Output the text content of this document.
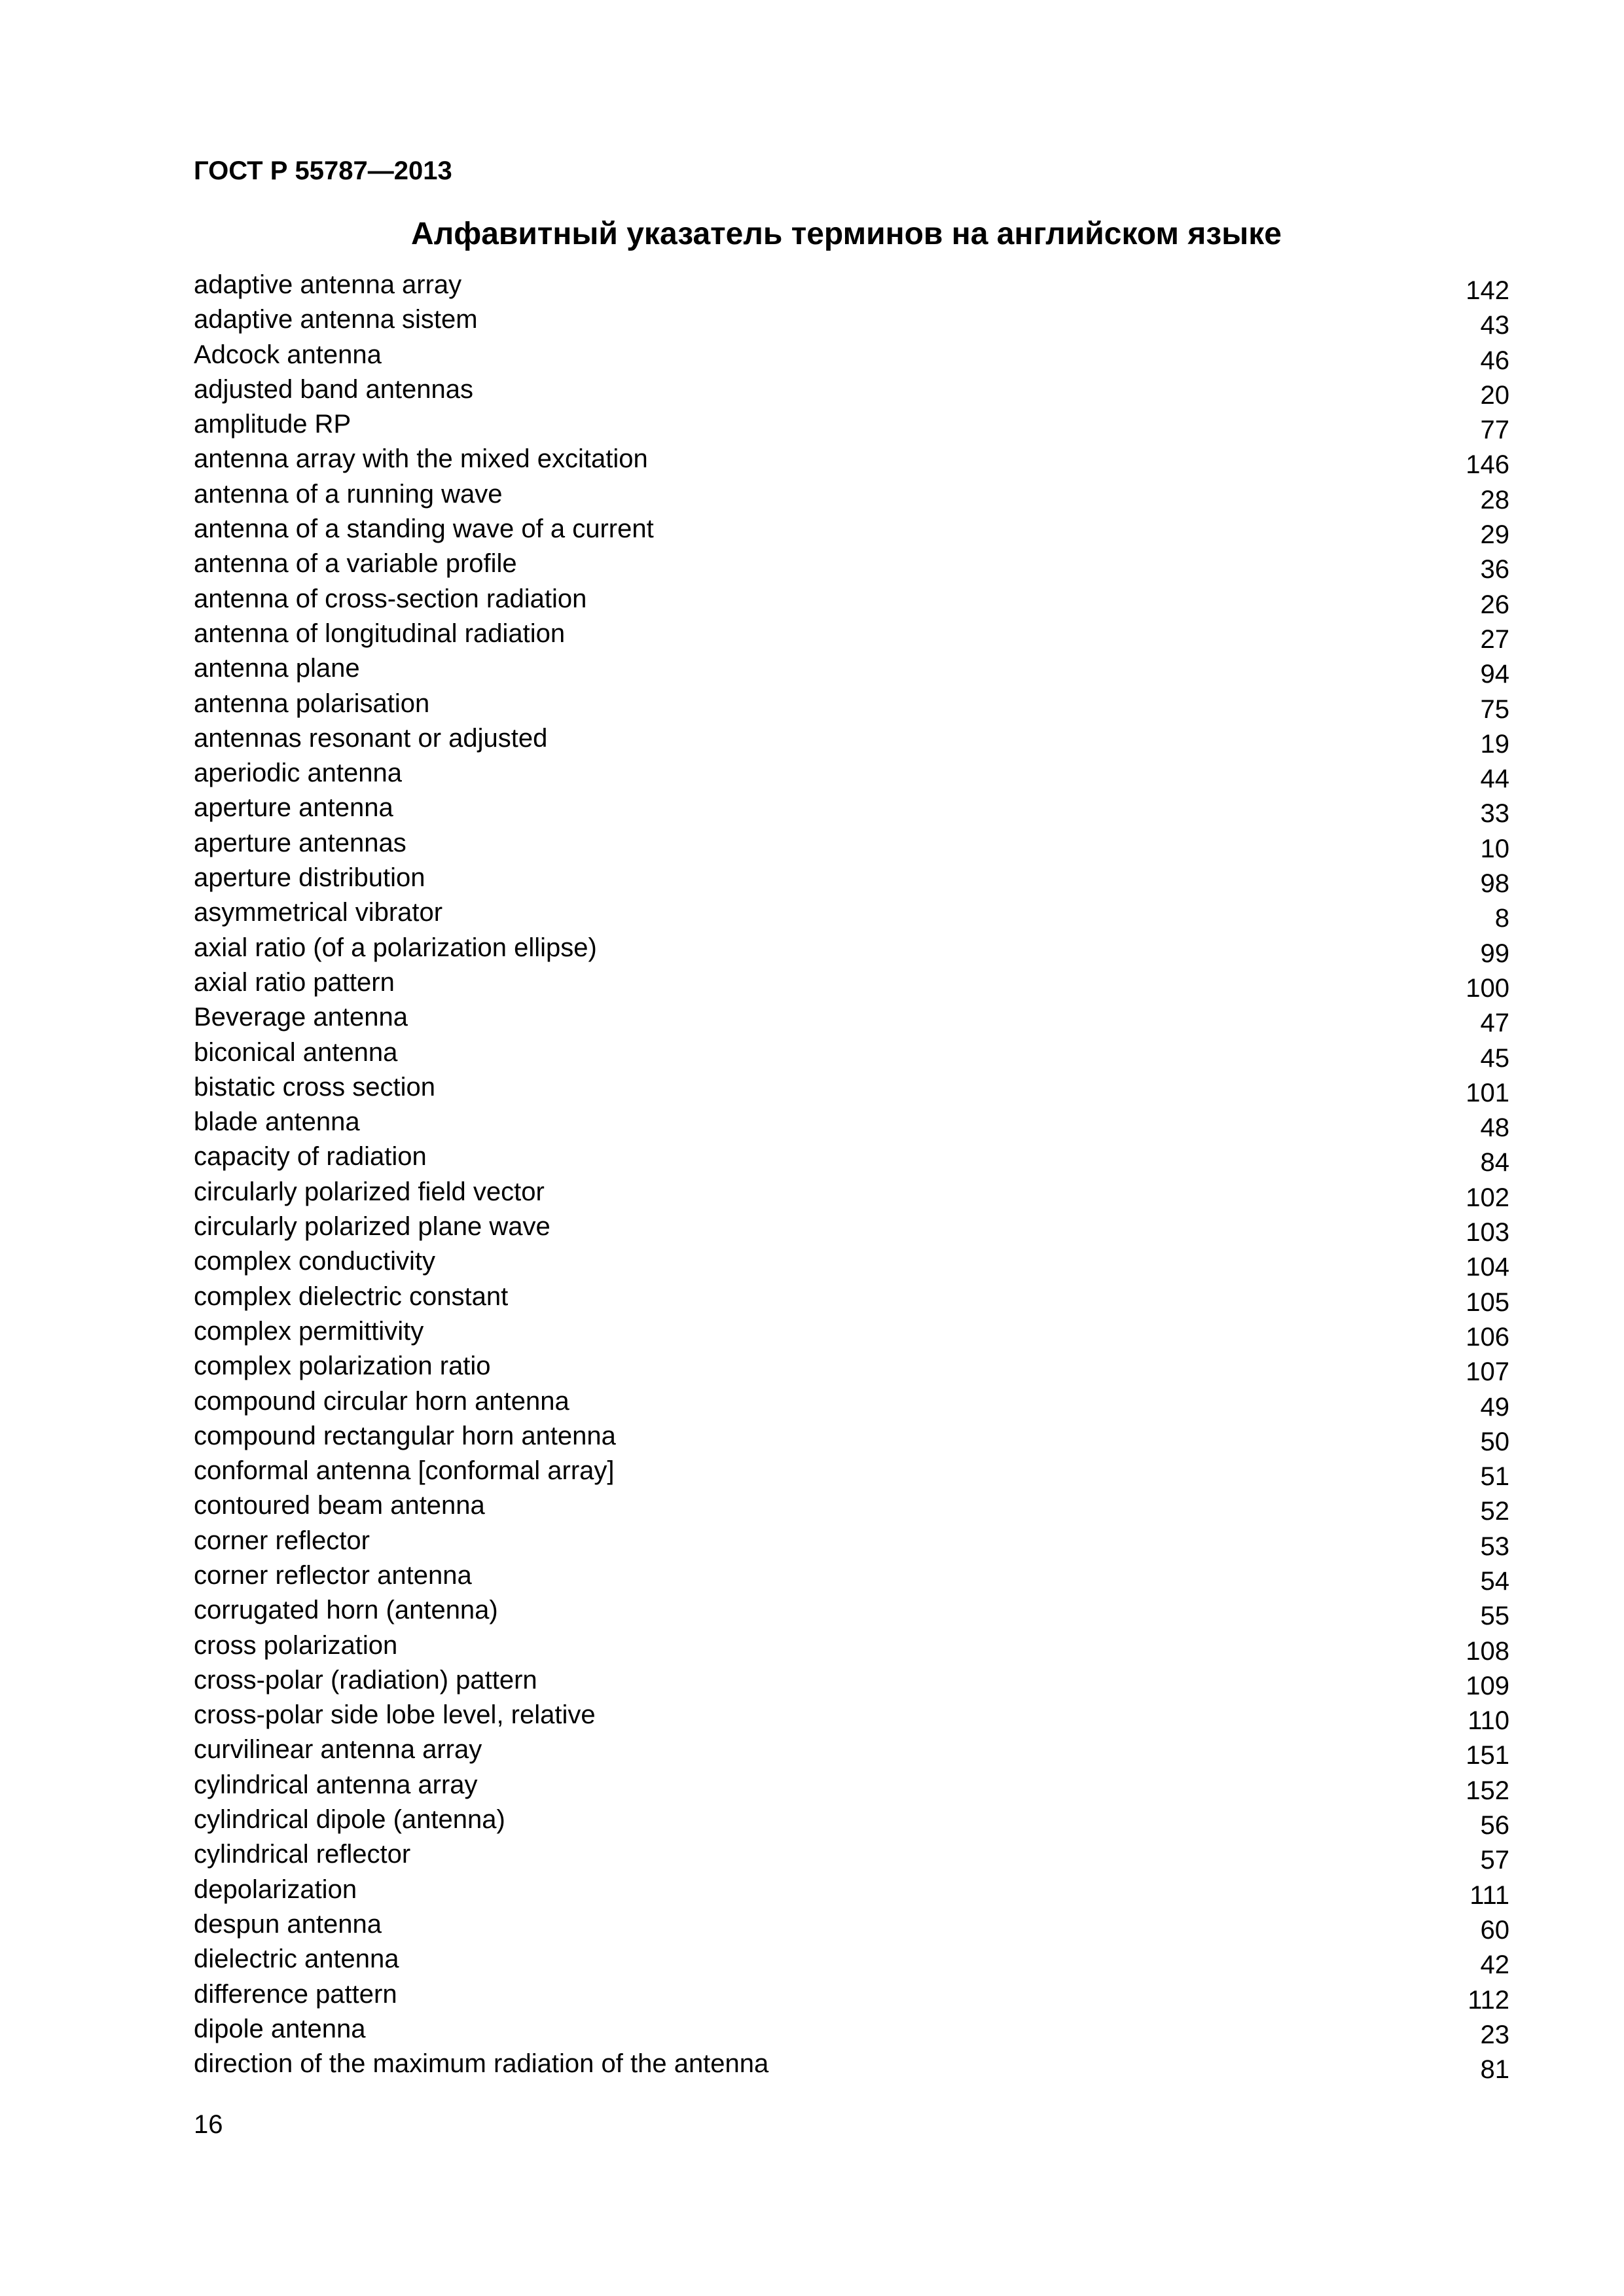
ГОСТ Р 55787—2013
Алфавитный указатель терминов на английском языке
adaptive antenna array	142
adaptive antenna sistem	43
Adcock antenna	46
adjusted band antennas	20
amplitude RP	77
antenna array with the mixed excitation	146
antenna of a running wave	28
antenna of a standing wave of a current	29
antenna of a variable profile	36
antenna of cross-section radiation	26
antenna of longitudinal radiation	27
antenna plane	94
antenna polarisation	75
antennas resonant or adjusted	19
aperiodic antenna	44
aperture antenna	33
aperture antennas	10
aperture distribution	98
asymmetrical vibrator	8
axial ratio (of a polarization ellipse)	99
axial ratio pattern	100
Beverage antenna	47
biconical antenna	45
bistatic cross section	101
blade antenna	48
capacity of radiation	84
circularly polarized field vector	102
circularly polarized plane wave	103
complex conductivity	104
complex dielectric constant	105
complex permittivity	106
complex polarization ratio	107
compound circular horn antenna	49
compound rectangular horn antenna	50
conformal antenna [conformal array]	51
contoured beam antenna	52
corner reflector	53
corner reflector antenna	54
corrugated horn (antenna)	55
cross polarization	108
cross-polar (radiation) pattern	109
cross-polar side lobe level, relative	110
curvilinear antenna array	151
cylindrical antenna array	152
cylindrical dipole (antenna)	56
cylindrical reflector	57
depolarization	111
despun antenna	60
dielectric antenna	42
difference pattern	112
dipole antenna	23
direction of the maximum radiation of the antenna	81
16
